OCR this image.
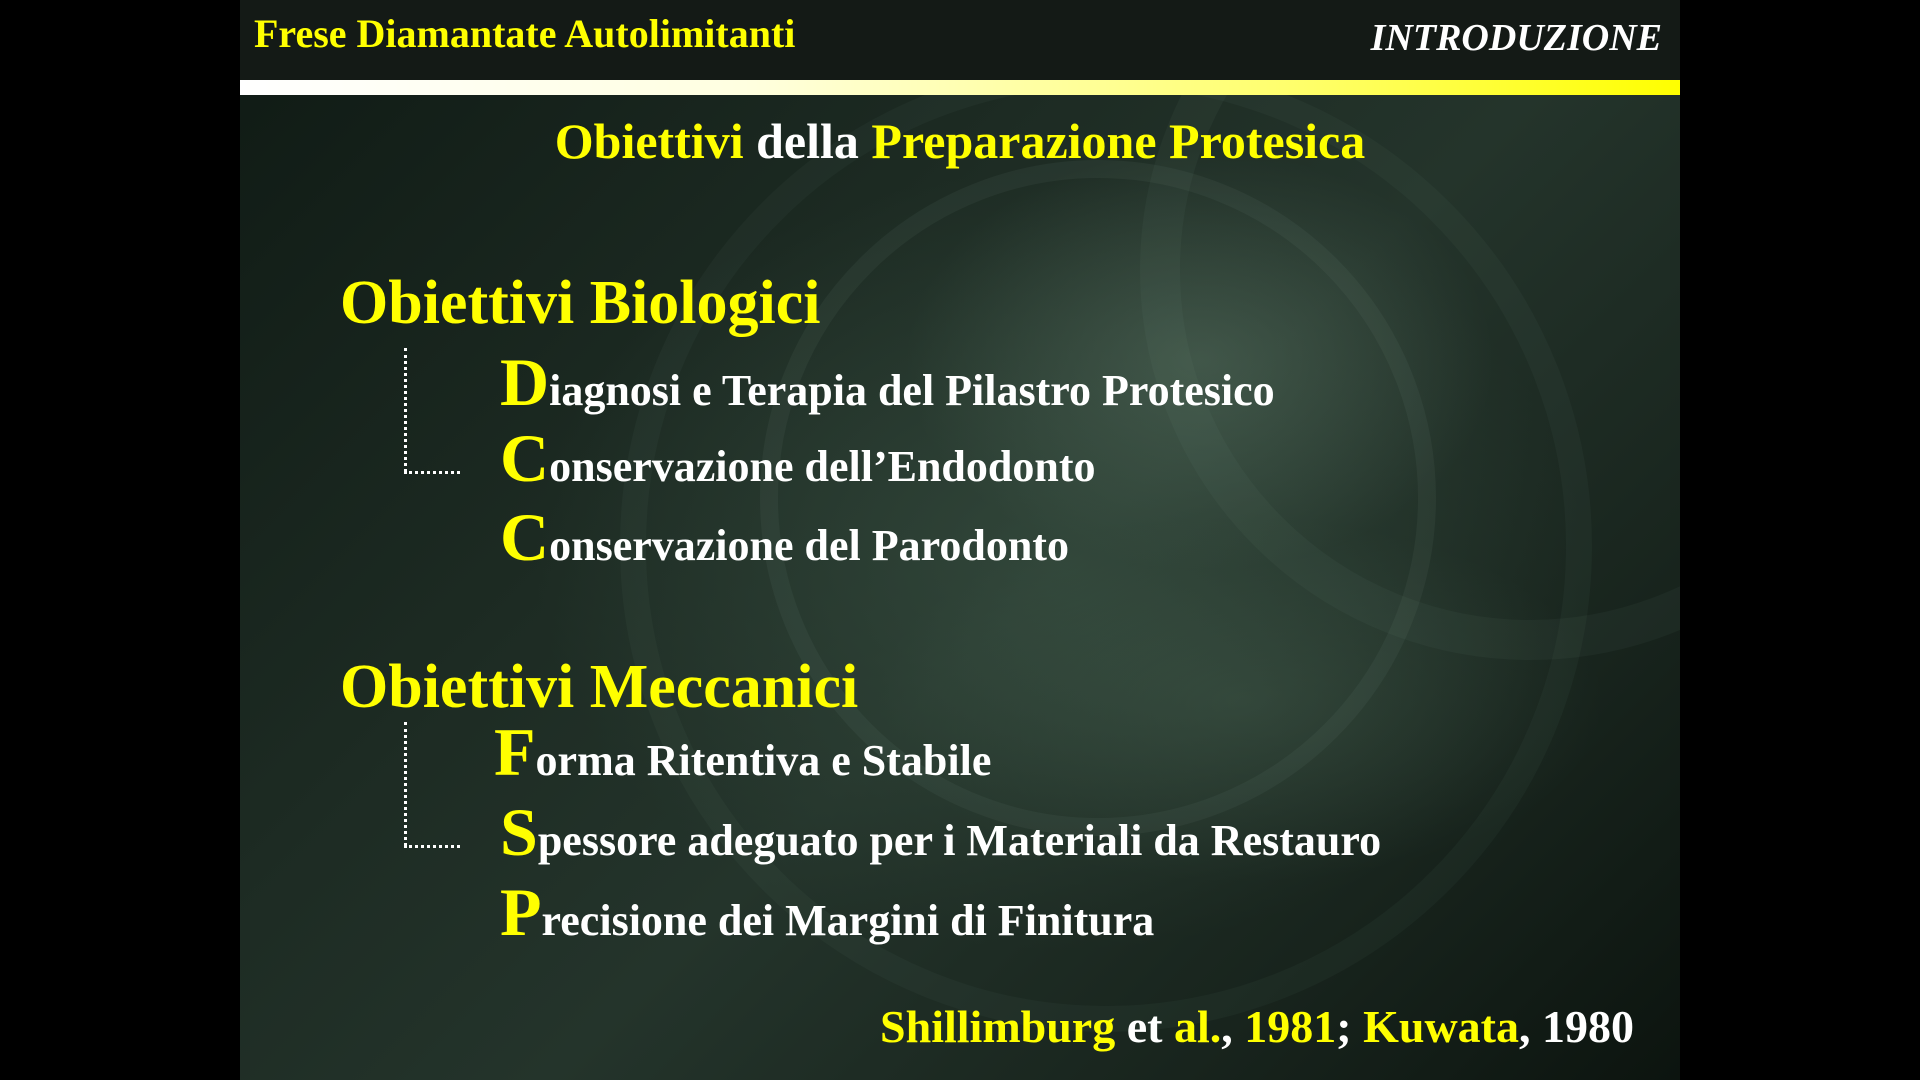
Frese Diamantate Autolimitanti	INTRODUZIONE
Obiettivi della Preparazione Protesica
Obiettivi Biologici
Diagnosi e Terapia del Pilastro Protesico
Conservazione dell’Endodonto
Conservazione del Parodonto
Obiettivi Meccanici
Forma Ritentiva e Stabile
Spessore adeguato per i Materiali da Restauro
Precisione dei Margini di Finitura
Shillimburg et al., 1981; Kuwata, 1980
